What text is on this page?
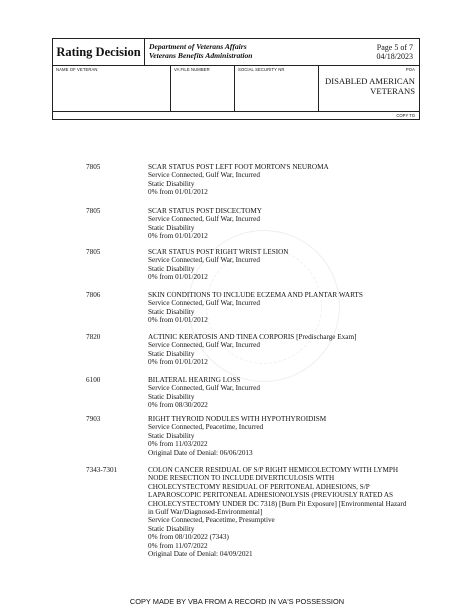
Rating Decision	Department of Veterans Affairs
Veterans Benefits Administration
Page 5 of 7
04/18/2023
NAME OF VETERAN	VA FILE NUMBER	SOCIAL SECURITY NR	POA
DISABLED AMERICAN
VETERANS
COPY TO
7805	SCAR STATUS POST LEFT FOOT MORTON'S NEUROMA
Service Connected, Gulf War, Incurred
Static Disability
0% from 01/01/2012
7805	SCAR STATUS POST DISCECTOMY
Service Connected, Gulf War, Incurred
Static Disability
0% from 01/01/2012
7805	SCAR STATUS POST RIGHT WRIST LESION
Service Connected, Gulf War, Incurred
Static Disability
0% from 01/01/2012
7806	SKIN CONDITIONS TO INCLUDE ECZEMA AND PLANTAR WARTS
Service Connected, Gulf War, Incurred
Static Disability
0% from 01/01/2012
7820	ACTINIC KERATOSIS AND TINEA CORPORIS [Predischarge Exam]
Service Connected, Gulf War, Incurred
Static Disability
0% from 01/01/2012
6100	BILATERAL HEARING LOSS
Service Connected, Gulf War, Incurred
Static Disability
0% from 08/30/2022
7903	RIGHT THYROID NODULES WITH HYPOTHYROIDISM
Service Connected, Peacetime, Incurred
Static Disability
0% from 11/03/2022
Original Date of Denial: 06/06/2013
7343-7301	COLON CANCER RESIDUAL OF S/P RIGHT HEMICOLECTOMY WITH LYMPH
NODE RESECTION TO INCLUDE DIVERTICULOSIS WITH
CHOLECYSTECTOMY RESIDUAL OF PERITONEAL ADHESIONS, S/P
LAPAROSCOPIC PERITONEAL ADHESIONOLYSIS (PREVIOUSLY RATED AS
CHOLECYSTECTOMY UNDER DC 7318) [Burn Pit Exposure] [Environmental Hazard
in Gulf War/Diagnosed-Environmental]
Service Connected, Peacetime, Presumptive
Static Disability
0% from 08/10/2022 (7343)
0% from 11/07/2022
Original Date of Denial: 04/09/2021
COPY MADE BY VBA FROM A RECORD IN VA'S POSSESSION
